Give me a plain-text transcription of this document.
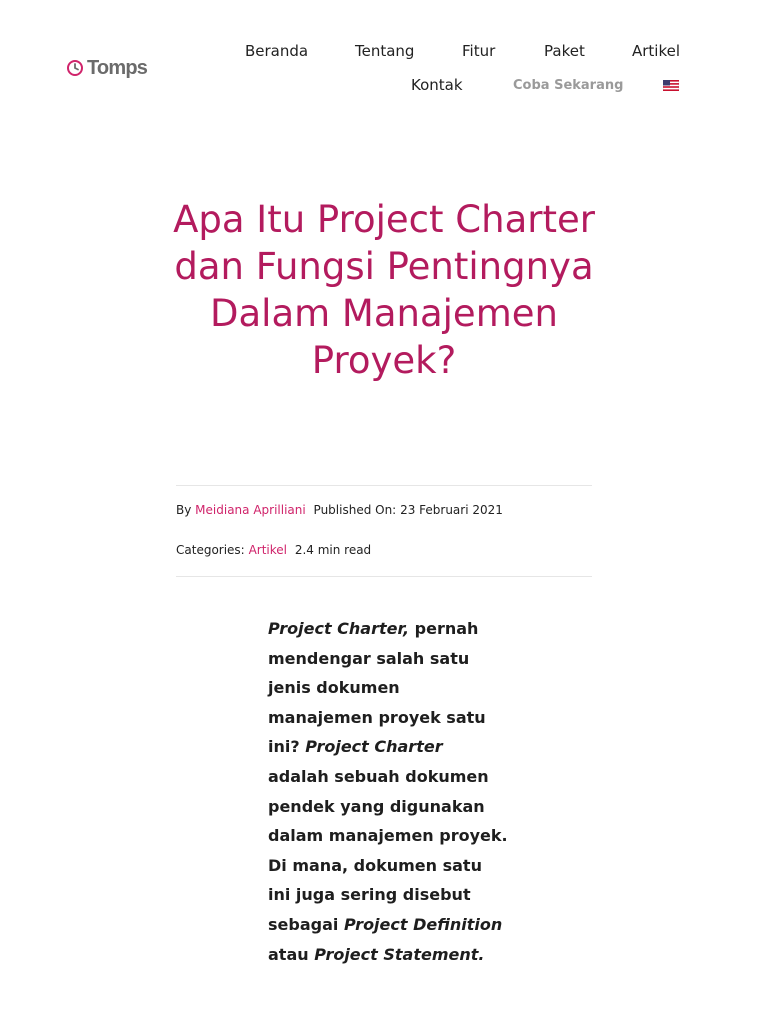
Tomps
Beranda	Tentang	Fitur	Paket	Artikel
Kontak	Coba Sekarang
Apa Itu Project Charter dan Fungsi Pentingnya Dalam Manajemen Proyek?
By Meidiana Aprilliani Published On: 23 Februari 2021
Categories: Artikel 2.4 min read

Project Charter, pernah mendengar salah satu jenis dokumen manajemen proyek satu ini? Project Charter adalah sebuah dokumen pendek yang digunakan dalam manajemen proyek. Di mana, dokumen satu ini juga sering disebut sebagai Project Definition atau Project Statement.
